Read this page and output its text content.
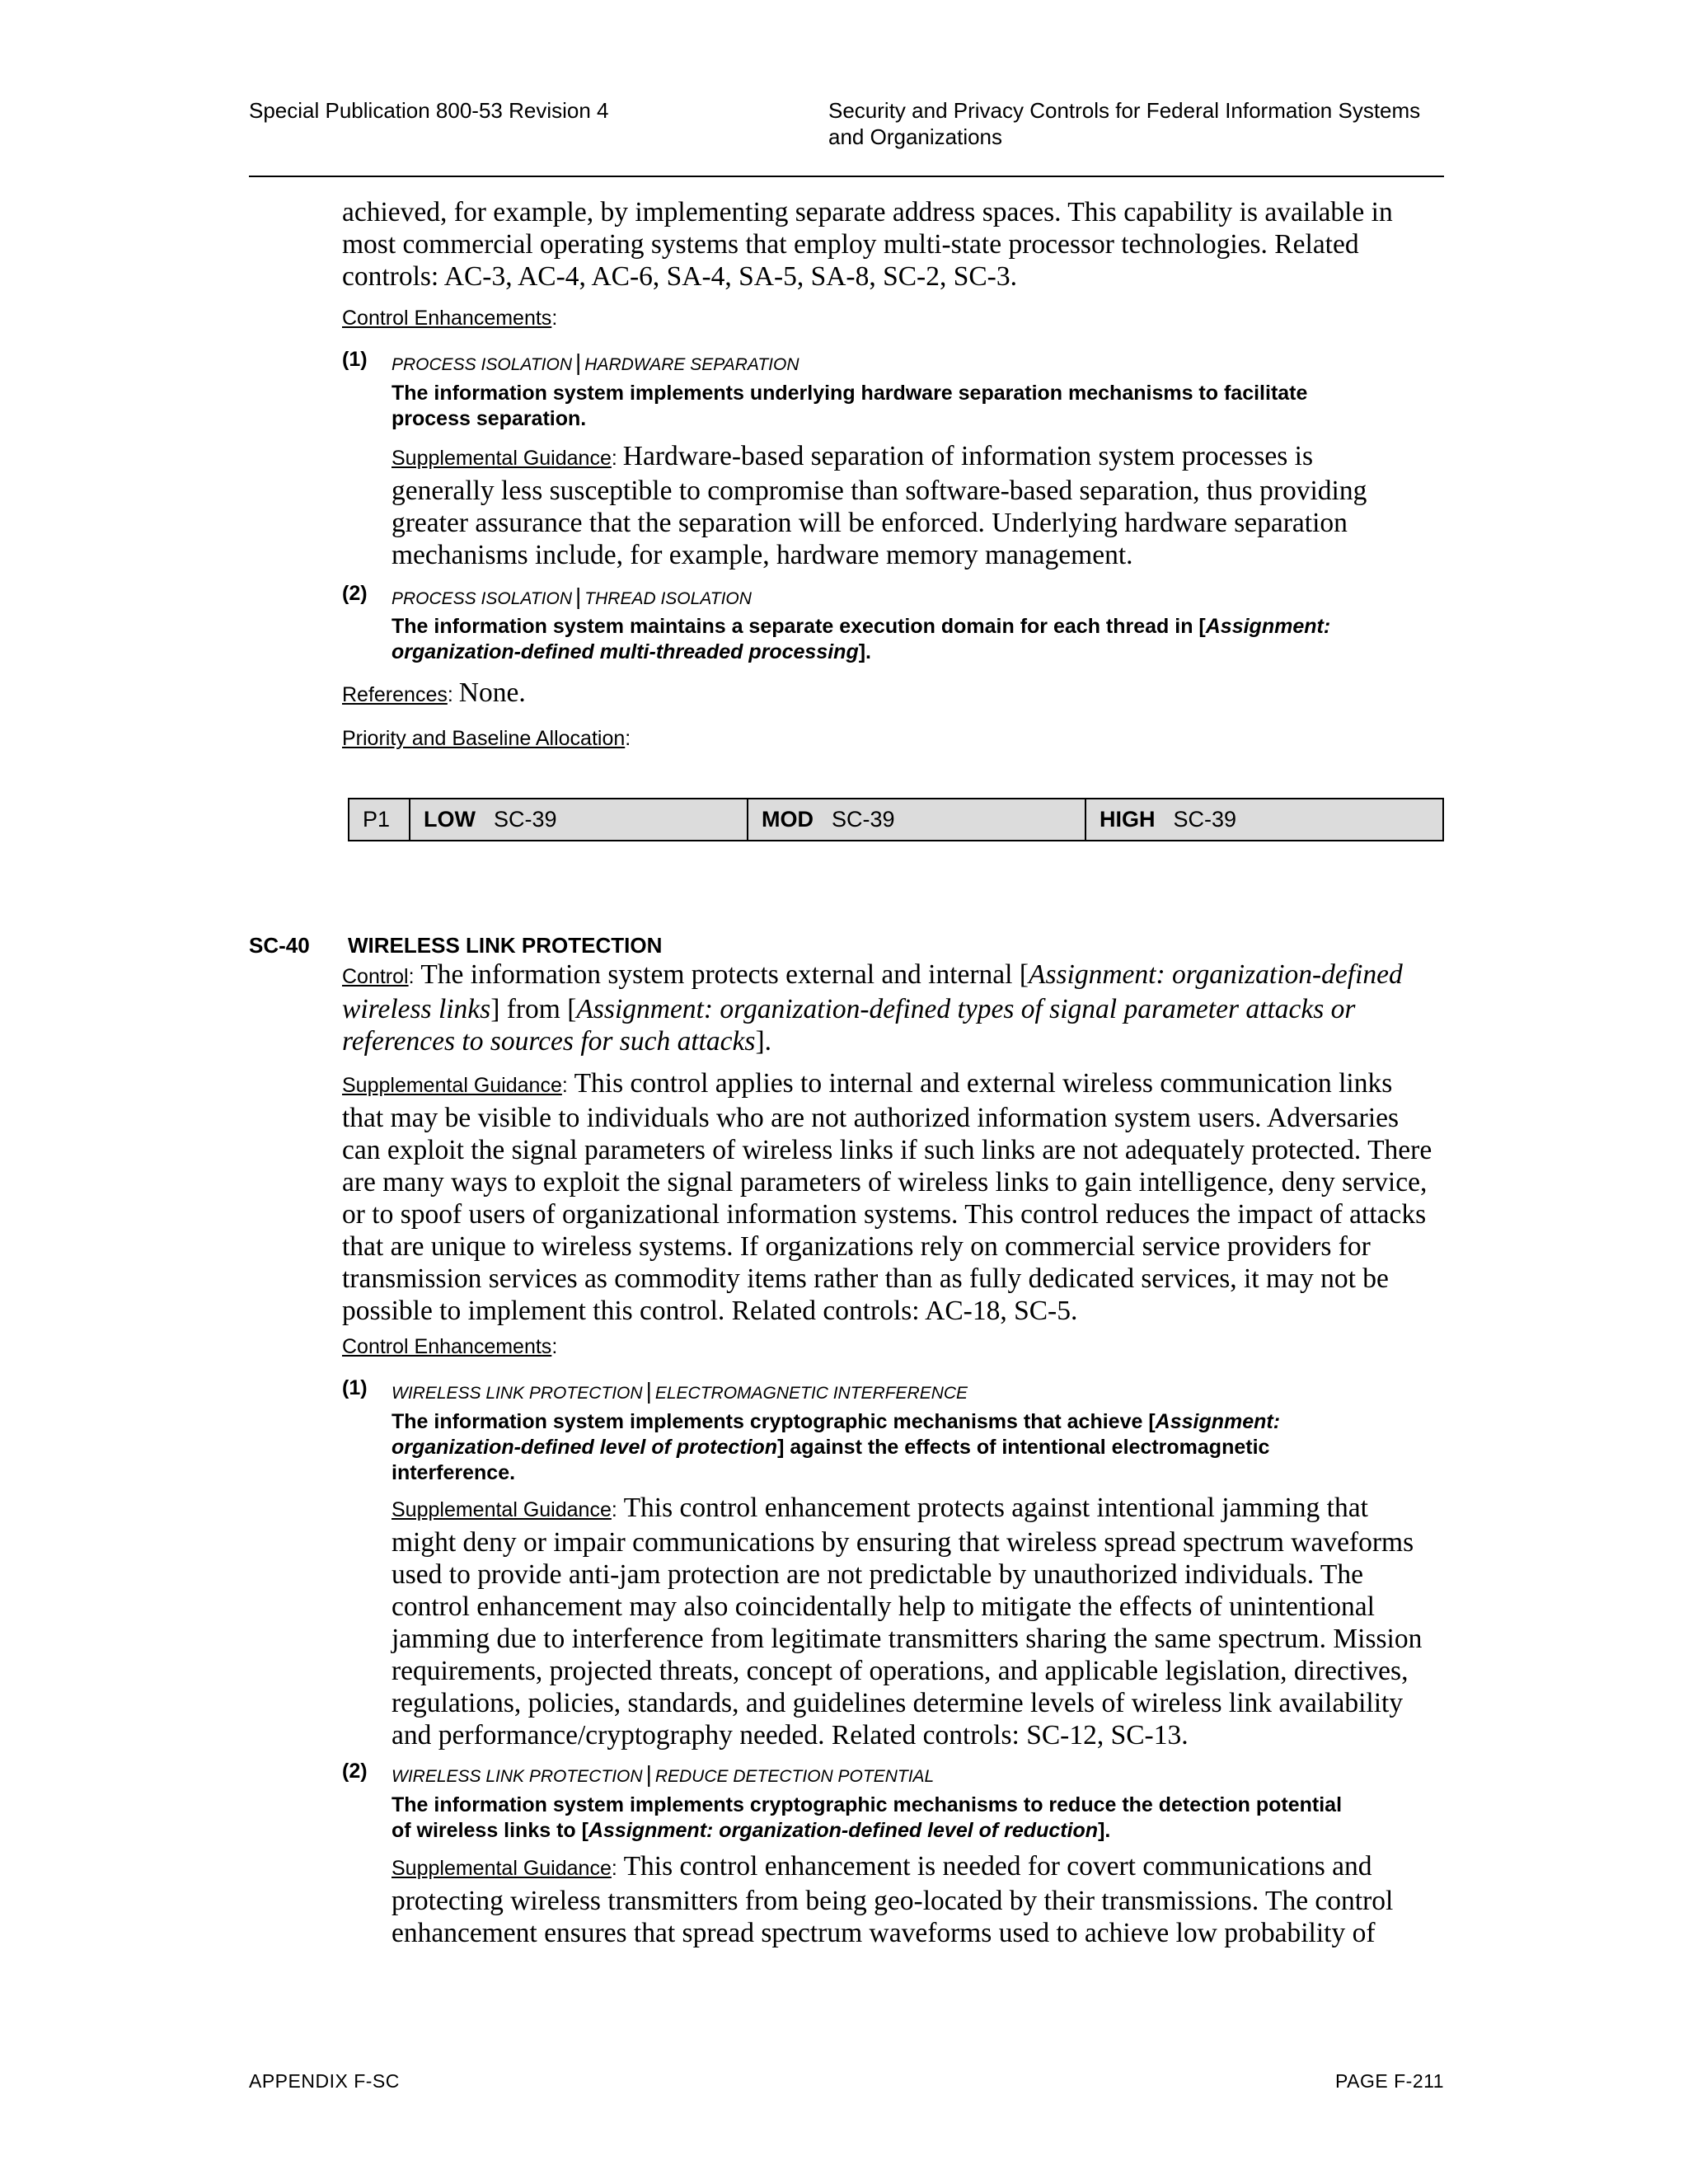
Special Publication 800-53 Revision 4	Security and Privacy Controls for Federal Information Systems
and Organizations
achieved, for example, by implementing separate address spaces. This capability is available in
most commercial operating systems that employ multi-state processor technologies. Related
controls: AC-3, AC-4, AC-6, SA-4, SA-5, SA-8, SC-2, SC-3.
Control Enhancements:
(1) PROCESS ISOLATION | HARDWARE SEPARATION
The information system implements underlying hardware separation mechanisms to facilitate
process separation.
Supplemental Guidance: Hardware-based separation of information system processes is
generally less susceptible to compromise than software-based separation, thus providing
greater assurance that the separation will be enforced. Underlying hardware separation
mechanisms include, for example, hardware memory management.
(2) PROCESS ISOLATION | THREAD ISOLATION
The information system maintains a separate execution domain for each thread in [Assignment:
organization-defined multi-threaded processing].
References: None.
Priority and Baseline Allocation:
P1 LOW SC-39	MOD SC-39	HIGH SC-39
SC-40 WIRELESS LINK PROTECTION
Control: The information system protects external and internal [Assignment: organization-defined
wireless links] from [Assignment: organization-defined types of signal parameter attacks or
references to sources for such attacks].
Supplemental Guidance: This control applies to internal and external wireless communication links
that may be visible to individuals who are not authorized information system users. Adversaries
can exploit the signal parameters of wireless links if such links are not adequately protected. There
are many ways to exploit the signal parameters of wireless links to gain intelligence, deny service,
or to spoof users of organizational information systems. This control reduces the impact of attacks
that are unique to wireless systems. If organizations rely on commercial service providers for
transmission services as commodity items rather than as fully dedicated services, it may not be
possible to implement this control. Related controls: AC-18, SC-5.
Control Enhancements:
(1) WIRELESS LINK PROTECTION | ELECTROMAGNETIC INTERFERENCE
The information system implements cryptographic mechanisms that achieve [Assignment:
organization-defined level of protection] against the effects of intentional electromagnetic
interference.
Supplemental Guidance: This control enhancement protects against intentional jamming that
might deny or impair communications by ensuring that wireless spread spectrum waveforms
used to provide anti-jam protection are not predictable by unauthorized individuals. The
control enhancement may also coincidentally help to mitigate the effects of unintentional
jamming due to interference from legitimate transmitters sharing the same spectrum. Mission
requirements, projected threats, concept of operations, and applicable legislation, directives,
regulations, policies, standards, and guidelines determine levels of wireless link availability
and performance/cryptography needed. Related controls: SC-12, SC-13.
(2) WIRELESS LINK PROTECTION | REDUCE DETECTION POTENTIAL
The information system implements cryptographic mechanisms to reduce the detection potential
of wireless links to [Assignment: organization-defined level of reduction].
Supplemental Guidance: This control enhancement is needed for covert communications and
protecting wireless transmitters from being geo-located by their transmissions. The control
enhancement ensures that spread spectrum waveforms used to achieve low probability of
APPENDIX F-SC	PAGE F-211
